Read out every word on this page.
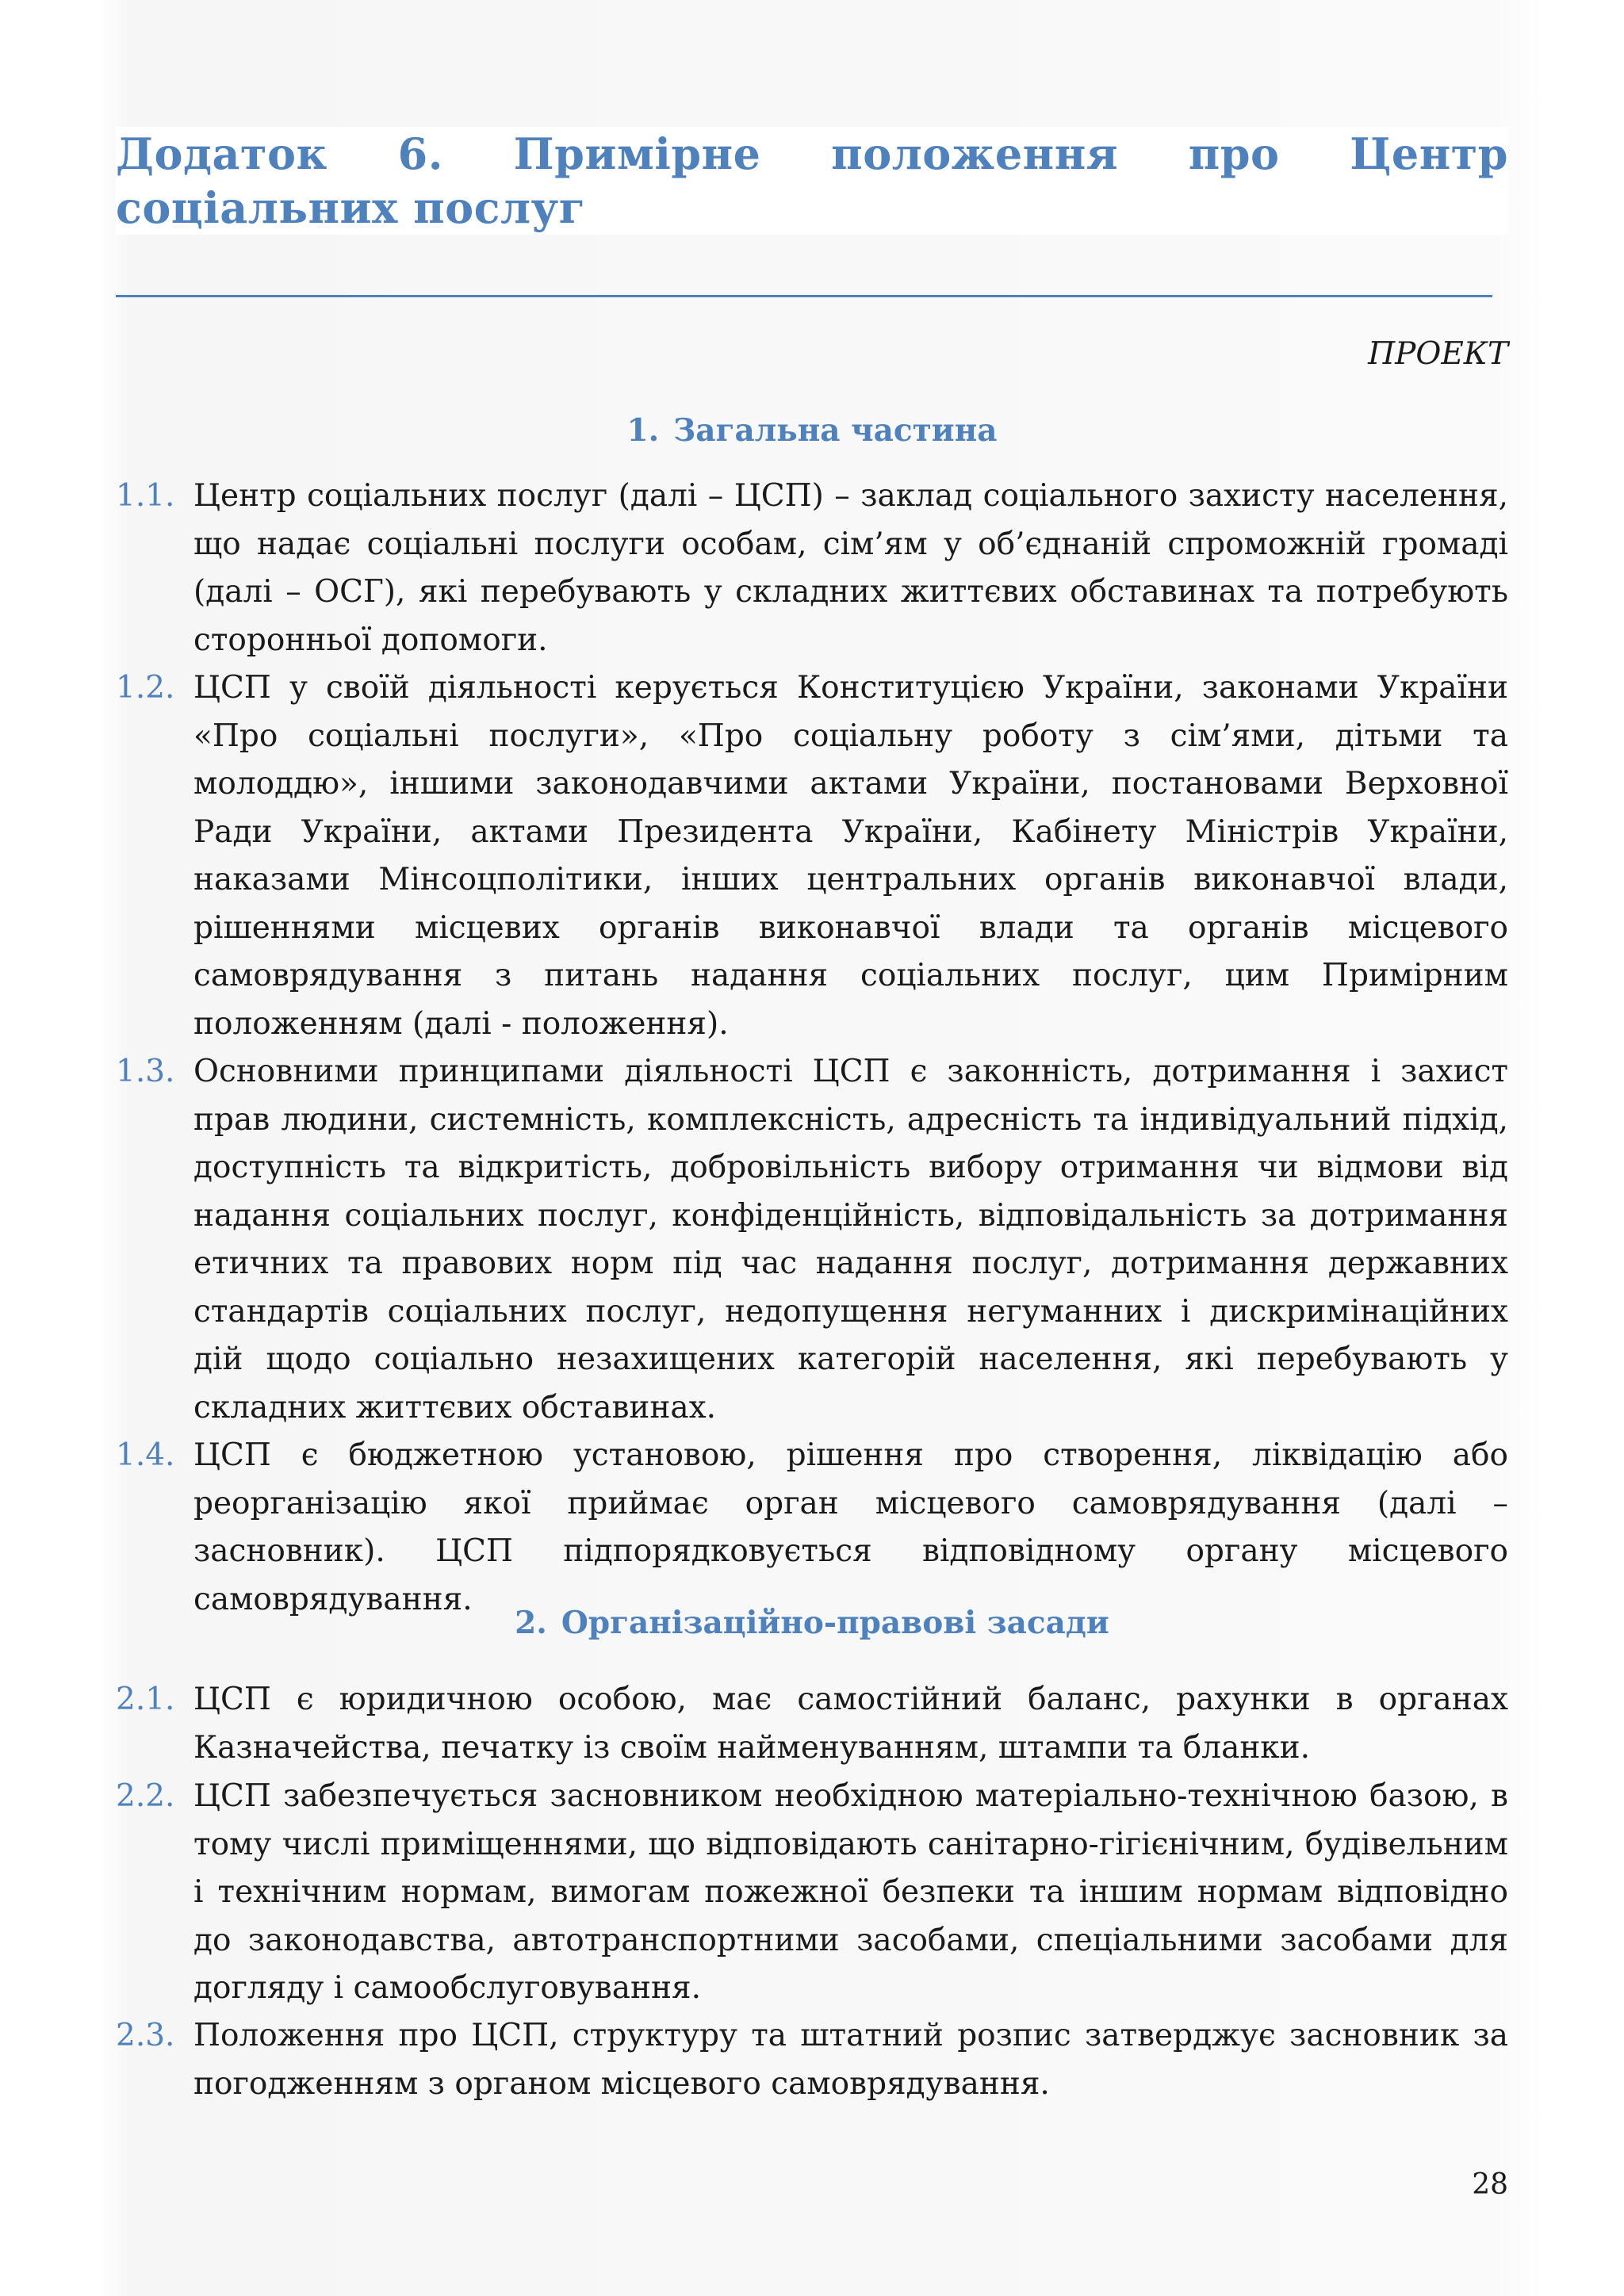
Додаток 6. Примірне положення про Центр соціальних послуг
ПРОЕКТ
1. Загальна частина
1.1. Центр соціальних послуг (далі – ЦСП) – заклад соціального захисту населення, що надає соціальні послуги особам, сім’ям у об’єднаній спроможній громаді (далі – ОСГ), які перебувають у складних життєвих обставинах та потребують сторонньої допомоги.
1.2. ЦСП у своїй діяльності керується Конституцією України, законами України «Про соціальні послуги», «Про соціальну роботу з сім’ями, дітьми та молоддю», іншими законодавчими актами України, постановами Верховної Ради України, актами Президента України, Кабінету Міністрів України, наказами Мінсоцполітики, інших центральних органів виконавчої влади, рішеннями місцевих органів виконавчої влади та органів місцевого самоврядування з питань надання соціальних послуг, цим Примірним положенням (далі - положення).
1.3. Основними принципами діяльності ЦСП є законність, дотримання і захист прав людини, системність, комплексність, адресність та індивідуальний підхід, доступність та відкритість, добровільність вибору отримання чи відмови від надання соціальних послуг, конфіденційність, відповідальність за дотримання етичних та правових норм під час надання послуг, дотримання державних стандартів соціальних послуг, недопущення негуманних і дискримінаційних дій щодо соціально незахищених категорій населення, які перебувають у складних життєвих обставинах.
1.4. ЦСП є бюджетною установою, рішення про створення, ліквідацію або реорганізацію якої приймає орган місцевого самоврядування (далі – засновник). ЦСП підпорядковується відповідному органу місцевого самоврядування.
2. Організаційно-правові засади
2.1. ЦСП є юридичною особою, має самостійний баланс, рахунки в органах Казначейства, печатку із своїм найменуванням, штампи та бланки.
2.2. ЦСП забезпечується засновником необхідною матеріально-технічною базою, в тому числі приміщеннями, що відповідають санітарно-гігієнічним, будівельним і технічним нормам, вимогам пожежної безпеки та іншим нормам відповідно до законодавства, автотранспортними засобами, спеціальними засобами для догляду і самообслуговування.
2.3. Положення про ЦСП, структуру та штатний розпис затверджує засновник за погодженням з органом місцевого самоврядування.
28
